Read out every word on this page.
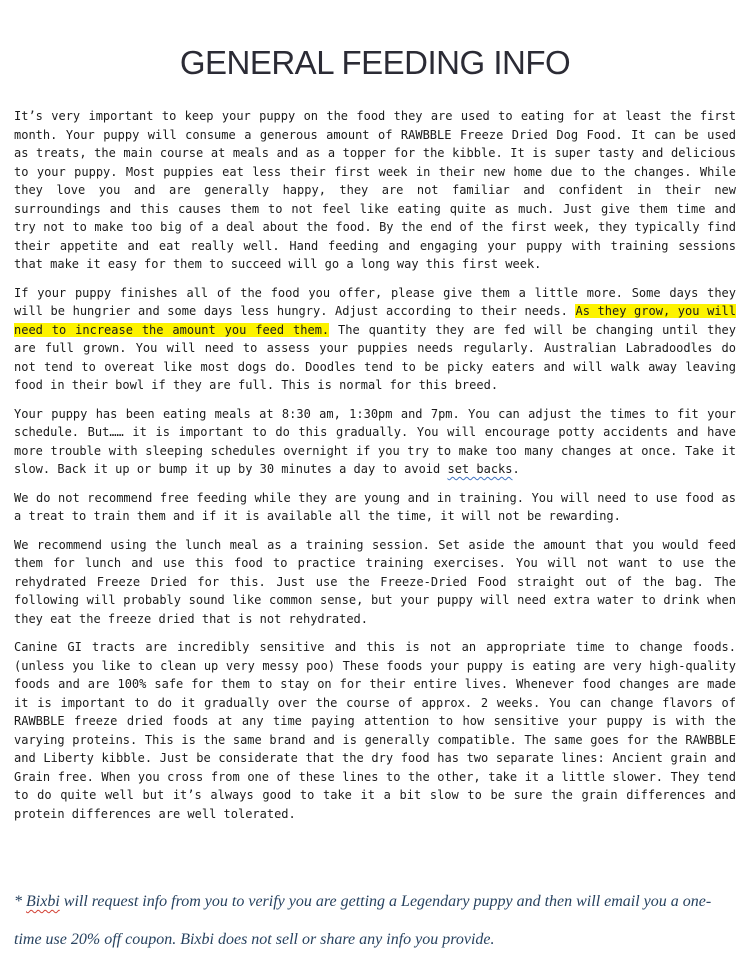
GENERAL FEEDING INFO

It’s very important to keep your puppy on the food they are used to eating for at least the first month. Your puppy will consume a generous amount of RAWBBLE Freeze Dried Dog Food. It can be used as treats, the main course at meals and as a topper for the kibble. It is super tasty and delicious to your puppy. Most puppies eat less their first week in their new home due to the changes. While they love you and are generally happy, they are not familiar and confident in their new surroundings and this causes them to not feel like eating quite as much. Just give them time and try not to make too big of a deal about the food. By the end of the first week, they typically find their appetite and eat really well. Hand feeding and engaging your puppy with training sessions that make it easy for them to succeed will go a long way this first week.

If your puppy finishes all of the food you offer, please give them a little more. Some days they will be hungrier and some days less hungry. Adjust according to their needs. As they grow, you will need to increase the amount you feed them. The quantity they are fed will be changing until they are full grown. You will need to assess your puppies needs regularly. Australian Labradoodles do not tend to overeat like most dogs do. Doodles tend to be picky eaters and will walk away leaving food in their bowl if they are full. This is normal for this breed.

Your puppy has been eating meals at 8:30 am, 1:30pm and 7pm. You can adjust the times to fit your schedule. But…… it is important to do this gradually. You will encourage potty accidents and have more trouble with sleeping schedules overnight if you try to make too many changes at once. Take it slow. Back it up or bump it up by 30 minutes a day to avoid set backs.

We do not recommend free feeding while they are young and in training. You will need to use food as a treat to train them and if it is available all the time, it will not be rewarding.

We recommend using the lunch meal as a training session. Set aside the amount that you would feed them for lunch and use this food to practice training exercises. You will not want to use the rehydrated Freeze Dried for this. Just use the Freeze-Dried Food straight out of the bag. The following will probably sound like common sense, but your puppy will need extra water to drink when they eat the freeze dried that is not rehydrated.

Canine GI tracts are incredibly sensitive and this is not an appropriate time to change foods. (unless you like to clean up very messy poo) These foods your puppy is eating are very high-quality foods and are 100% safe for them to stay on for their entire lives. Whenever food changes are made it is important to do it gradually over the course of approx. 2 weeks. You can change flavors of RAWBBLE freeze dried foods at any time paying attention to how sensitive your puppy is with the varying proteins. This is the same brand and is generally compatible. The same goes for the RAWBBLE and Liberty kibble. Just be considerate that the dry food has two separate lines: Ancient grain and Grain free. When you cross from one of these lines to the other, take it a little slower. They tend to do quite well but it’s always good to take it a bit slow to be sure the grain differences and protein differences are well tolerated.

* Bixbi will request info from you to verify you are getting a Legendary puppy and then will email you a one-time use 20% off coupon. Bixbi does not sell or share any info you provide.
